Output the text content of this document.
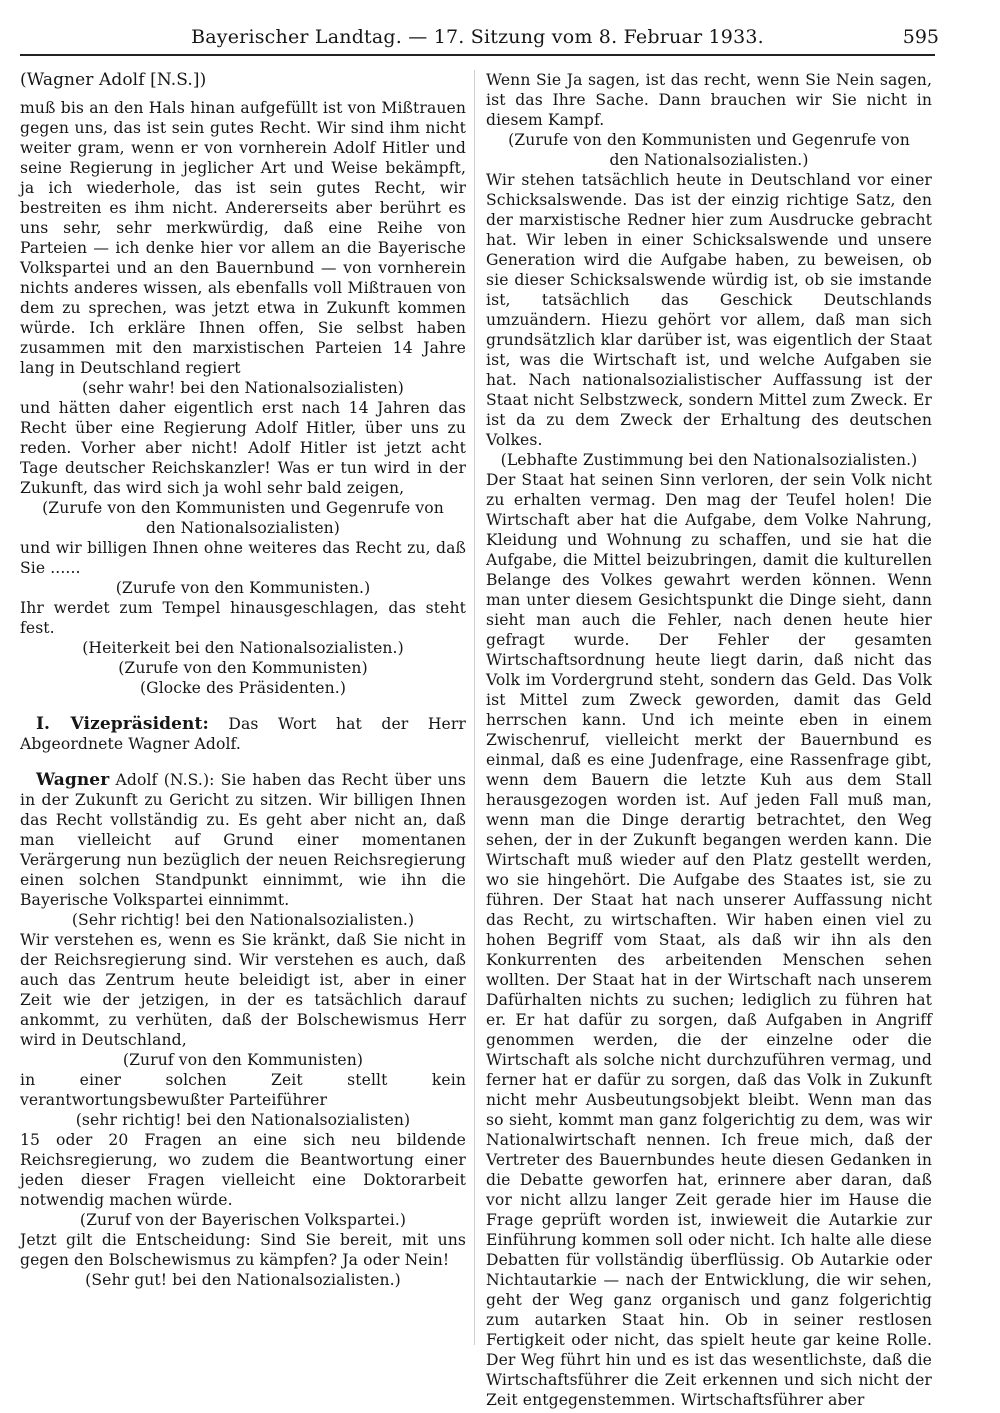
Bayerischer Landtag. — 17. Sitzung vom 8. Februar 1933.	595

(Wagner Adolf [N.S.])

muß bis an den Hals hinan aufgefüllt ist von Mißtrauen gegen uns, das ist sein gutes Recht. Wir sind ihm nicht weiter gram, wenn er von vornherein Adolf Hitler und seine Regierung in jeglicher Art und Weise bekämpft, ja ich wiederhole, das ist sein gutes Recht, wir bestreiten es ihm nicht. Andererseits aber berührt es uns sehr, sehr merkwürdig, daß eine Reihe von Parteien — ich denke hier vor allem an die Bayerische Volkspartei und an den Bauernbund — von vornherein nichts anderes wissen, als ebenfalls voll Mißtrauen von dem zu sprechen, was jetzt etwa in Zukunft kommen würde. Ich erkläre Ihnen offen, Sie selbst haben zusammen mit den marxistischen Parteien 14 Jahre lang in Deutschland regiert

(sehr wahr! bei den Nationalsozialisten)

und hätten daher eigentlich erst nach 14 Jahren das Recht über eine Regierung Adolf Hitler, über uns zu reden. Vorher aber nicht! Adolf Hitler ist jetzt acht Tage deutscher Reichskanzler! Was er tun wird in der Zukunft, das wird sich ja wohl sehr bald zeigen,

(Zurufe von den Kommunisten und Gegenrufe von den Nationalsozialisten)

und wir billigen Ihnen ohne weiteres das Recht zu, daß Sie ......

(Zurufe von den Kommunisten.)

Ihr werdet zum Tempel hinausgeschlagen, das steht fest.

(Heiterkeit bei den Nationalsozialisten.)

(Zurufe von den Kommunisten)

(Glocke des Präsidenten.)

I. Vizepräsident: Das Wort hat der Herr Abgeordnete Wagner Adolf.

Wagner Adolf (N.S.): Sie haben das Recht über uns in der Zukunft zu Gericht zu sitzen. Wir billigen Ihnen das Recht vollständig zu. Es geht aber nicht an, daß man vielleicht auf Grund einer momentanen Verärgerung nun bezüglich der neuen Reichsregierung einen solchen Standpunkt einnimmt, wie ihn die Bayerische Volkspartei einnimmt.

(Sehr richtig! bei den Nationalsozialisten.)

Wir verstehen es, wenn es Sie kränkt, daß Sie nicht in der Reichsregierung sind. Wir verstehen es auch, daß auch das Zentrum heute beleidigt ist, aber in einer Zeit wie der jetzigen, in der es tatsächlich darauf ankommt, zu verhüten, daß der Bolschewismus Herr wird in Deutschland,

(Zuruf von den Kommunisten)

in einer solchen Zeit stellt kein verantwortungsbewußter Parteiführer

(sehr richtig! bei den Nationalsozialisten)

15 oder 20 Fragen an eine sich neu bildende Reichsregierung, wo zudem die Beantwortung einer jeden dieser Fragen vielleicht eine Doktorarbeit notwendig machen würde.

(Zuruf von der Bayerischen Volkspartei.)

Jetzt gilt die Entscheidung: Sind Sie bereit, mit uns gegen den Bolschewismus zu kämpfen? Ja oder Nein!

(Sehr gut! bei den Nationalsozialisten.)

Wenn Sie Ja sagen, ist das recht, wenn Sie Nein sagen, ist das Ihre Sache. Dann brauchen wir Sie nicht in diesem Kampf.

(Zurufe von den Kommunisten und Gegenrufe von den Nationalsozialisten.)

Wir stehen tatsächlich heute in Deutschland vor einer Schicksalswende. Das ist der einzig richtige Satz, den der marxistische Redner hier zum Ausdrucke gebracht hat. Wir leben in einer Schicksalswende und unsere Generation wird die Aufgabe haben, zu beweisen, ob sie dieser Schicksalswende würdig ist, ob sie imstande ist, tatsächlich das Geschick Deutschlands umzuändern. Hiezu gehört vor allem, daß man sich grundsätzlich klar darüber ist, was eigentlich der Staat ist, was die Wirtschaft ist, und welche Aufgaben sie hat. Nach nationalsozialistischer Auffassung ist der Staat nicht Selbstzweck, sondern Mittel zum Zweck. Er ist da zu dem Zweck der Erhaltung des deutschen Volkes.

(Lebhafte Zustimmung bei den Nationalsozialisten.)

Der Staat hat seinen Sinn verloren, der sein Volk nicht zu erhalten vermag. Den mag der Teufel holen! Die Wirtschaft aber hat die Aufgabe, dem Volke Nahrung, Kleidung und Wohnung zu schaffen, und sie hat die Aufgabe, die Mittel beizubringen, damit die kulturellen Belange des Volkes gewahrt werden können. Wenn man unter diesem Gesichtspunkt die Dinge sieht, dann sieht man auch die Fehler, nach denen heute hier gefragt wurde. Der Fehler der gesamten Wirtschaftsordnung heute liegt darin, daß nicht das Volk im Vordergrund steht, sondern das Geld. Das Volk ist Mittel zum Zweck geworden, damit das Geld herrschen kann. Und ich meinte eben in einem Zwischenruf, vielleicht merkt der Bauernbund es einmal, daß es eine Judenfrage, eine Rassenfrage gibt, wenn dem Bauern die letzte Kuh aus dem Stall herausgezogen worden ist. Auf jeden Fall muß man, wenn man die Dinge derartig betrachtet, den Weg sehen, der in der Zukunft begangen werden kann. Die Wirtschaft muß wieder auf den Platz gestellt werden, wo sie hingehört. Die Aufgabe des Staates ist, sie zu führen. Der Staat hat nach unserer Auffassung nicht das Recht, zu wirtschaften. Wir haben einen viel zu hohen Begriff vom Staat, als daß wir ihn als den Konkurrenten des arbeitenden Menschen sehen wollten. Der Staat hat in der Wirtschaft nach unserem Dafürhalten nichts zu suchen; lediglich zu führen hat er. Er hat dafür zu sorgen, daß Aufgaben in Angriff genommen werden, die der einzelne oder die Wirtschaft als solche nicht durchzuführen vermag, und ferner hat er dafür zu sorgen, daß das Volk in Zukunft nicht mehr Ausbeutungsobjekt bleibt. Wenn man das so sieht, kommt man ganz folgerichtig zu dem, was wir Nationalwirtschaft nennen. Ich freue mich, daß der Vertreter des Bauernbundes heute diesen Gedanken in die Debatte geworfen hat, erinnere aber daran, daß vor nicht allzu langer Zeit gerade hier im Hause die Frage geprüft worden ist, inwieweit die Autarkie zur Einführung kommen soll oder nicht. Ich halte alle diese Debatten für vollständig überflüssig. Ob Autarkie oder Nichtautarkie — nach der Entwicklung, die wir sehen, geht der Weg ganz organisch und ganz folgerichtig zum autarken Staat hin. Ob in seiner restlosen Fertigkeit oder nicht, das spielt heute gar keine Rolle. Der Weg führt hin und es ist das wesentlichste, daß die Wirtschaftsführer die Zeit erkennen und sich nicht der Zeit entgegenstemmen. Wirtschaftsführer aber
